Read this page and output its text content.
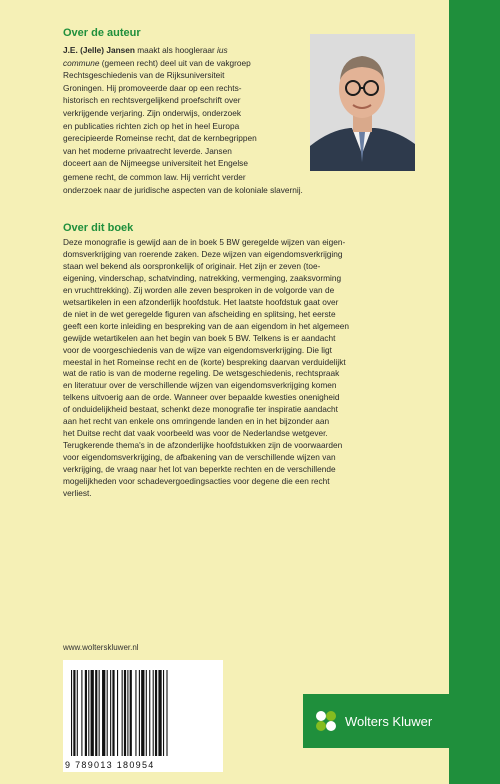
Over de auteur
J.E. (Jelle) Jansen maakt als hoogleraar ius
commune (gemeen recht) deel uit van de vakgroep
Rechtsgeschiedenis van de Rijksuniversiteit
Groningen. Hij promoveerde daar op een rechts-
historisch en rechtsvergelijkend proefschrift over
verkrijgende verjaring. Zijn onderwijs, onderzoek
en publicaties richten zich op het in heel Europa
gerecipieerde Romeinse recht, dat de kernbegrippen
van het moderne privaatrecht leverde. Jansen
doceert aan de Nijmeegse universiteit het Engelse
gemene recht, de common law. Hij verricht verder
onderzoek naar de juridische aspecten van de koloniale slavernij.
Over dit boek
Deze monografie is gewijd aan de in boek 5 BW geregelde wijzen van eigen-
domsverkrijging van roerende zaken. Deze wijzen van eigendomsverkrijging
staan wel bekend als oorspronkelijk of originair. Het zijn er zeven (toe-
eigening, vinderschap, schatvinding, natrekking, vermenging, zaaksvorming
en vruchttrekking). Zij worden alle zeven besproken in de volgorde van de
wetsartikelen in een afzonderlijk hoofdstuk. Het laatste hoofdstuk gaat over
de niet in de wet geregelde figuren van afscheiding en splitsing, het eerste
geeft een korte inleiding en bespreking van de aan eigendom in het algemeen
gewijde wetartikelen aan het begin van boek 5 BW. Telkens is er aandacht
voor de voorgeschiedenis van de wijze van eigendomsverkrijging. Die ligt
meestal in het Romeinse recht en de (korte) bespreking daarvan verduidelijkt
wat de ratio is van de moderne regeling. De wetsgeschiedenis, rechtspraak
en literatuur over de verschillende wijzen van eigendomsverkrijging komen
telkens uitvoerig aan de orde. Wanneer over bepaalde kwesties onenigheid
of onduidelijkheid bestaat, schenkt deze monografie ter inspiratie aandacht
aan het recht van enkele ons omringende landen en in het bijzonder aan
het Duitse recht dat vaak voorbeeld was voor de Nederlandse wetgever.
Terugkerende thema's in de afzonderlijke hoofdstukken zijn de voorwaarden
voor eigendomsverkrijging, de afbakening van de verschillende wijzen van
verkrijging, de vraag naar het lot van beperkte rechten en de verschillende
mogelijkheden voor schadevergoedingsacties voor degene die een recht
verliest.
www.wolterskluwer.nl
9 789013 180954
Wolters Kluwer
